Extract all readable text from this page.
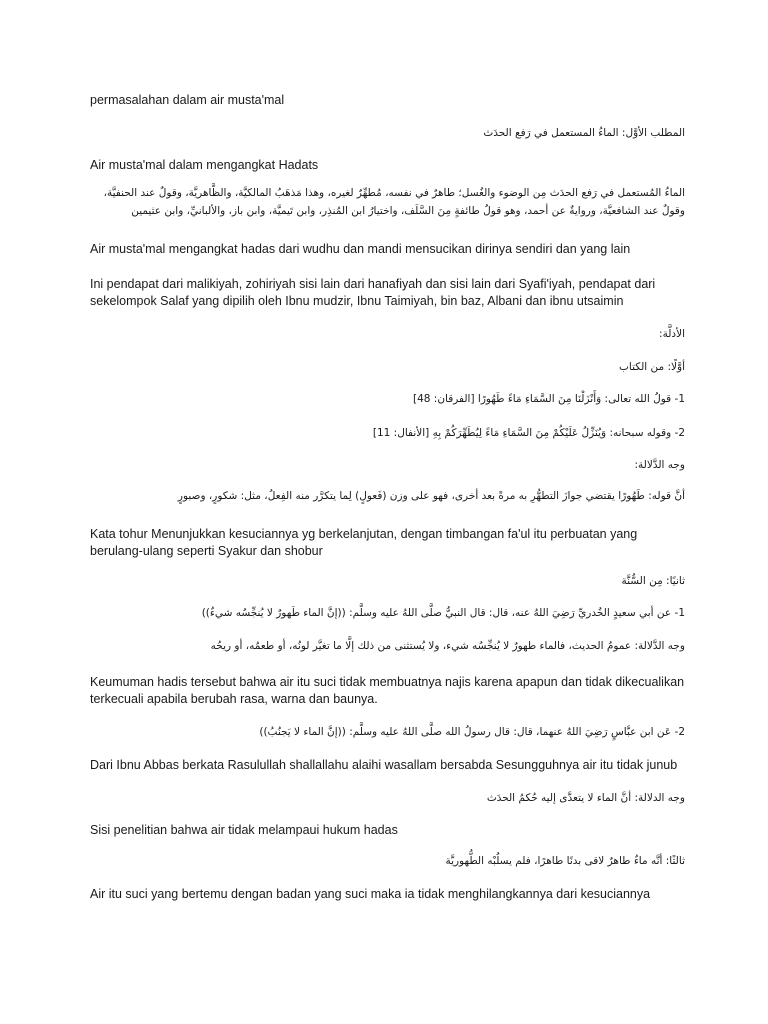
permasalahan dalam air musta'mal

المطلب الأوَّل: الماءُ المستعمل في رَفع الحدَث

Air musta'mal dalam mengangkat Hadats

الماءُ المُستعمل في رَفع الحدَث مِن الوضوء والغُسل؛ طاهرٌ في نفسه، مُطهِّرٌ لغيره، وهذا مَذهَبُ المالكيَّة، والظَّاهريَّة، وقولٌ عند الحنفيَّة، وقولٌ عند الشافعيَّة، وروايةٌ عن أحمد، وهو قولُ طائفةٍ مِنَ السَّلَف، واختيارُ ابن المُنذِر، وابن تَيميَّة، وابن باز، والألبانيِّ، وابن عثيمين

Air musta'mal mengangkat hadas dari wudhu dan mandi mensucikan dirinya sendiri dan yang lain

Ini pendapat dari malikiyah, zohiriyah sisi lain dari hanafiyah dan sisi lain dari Syafi'iyah, pendapat dari sekelompok Salaf yang dipilih oleh Ibnu mudzir, Ibnu Taimiyah, bin baz, Albani dan ibnu utsaimin

الأدلَّة:

أوَّلًا: من الكتاب

1- قولُ الله تعالى: وَأَنْزَلْنَا مِنَ السَّمَاءِ مَاءً طَهُورًا [الفرقان: 48]

2- وقوله سبحانه: وَيُنَزِّلُ عَلَيْكُمْ مِنَ السَّمَاءِ مَاءً لِيُطَهِّرَكُمْ بِهِ [الأنفال: 11]

وجه الدَّلالة:

أنَّ قوله: طَهُورًا يقتضي جوازَ التطهُّرِ به مرةً بعد أخرى، فهو على وزن (فَعولٍ) لِما يتكرَّر منه الفِعلُ، مثل: شكورٍ، وصبورٍ

Kata tohur Menunjukkan kesuciannya yg berkelanjutan, dengan timbangan fa'ul itu perbuatan yang berulang-ulang seperti Syakur dan shobur

ثانيًا: مِن السُّنَّة

1- عن أبي سعيدٍ الخُدريِّ رَضِيَ اللهُ عنه، قال: قال النبيُّ صلَّى اللهُ عليه وسلَّم: ((إنَّ الماء طَهورٌ لا يُنجِّسُه شيءٌ))

وجه الدَّلالة: عمومُ الحديث، فالماء طهورٌ لا يُنجِّسُه شيء، ولا يُستثنى من ذلك إلَّا ما تغيَّر لونُه، أو طعمُه، أو ريحُه

Keumuman hadis tersebut bahwa air itu suci tidak membuatnya najis karena apapun dan tidak dikecualikan terkecuali apabila berubah rasa, warna dan baunya.

2- عَن ابن عبَّاسٍ رَضِيَ اللهُ عنهما، قال: قال رسولُ الله صلَّى اللهُ عليه وسلَّم: ((إنَّ الماء لا يَجنُبُ))

Dari Ibnu Abbas berkata Rasulullah shallallahu alaihi wasallam bersabda Sesungguhnya air itu tidak junub

وجه الدلالة: أنَّ الماء لا يتعدَّى إليه حُكمُ الحدَث

Sisi penelitian bahwa air tidak melampaui hukum hadas

ثالثًا: أنَّه ماءٌ طاهرٌ لاقى بدنًا طاهرًا، فلم يسلُبْه الطُّهوريَّة

Air itu suci yang bertemu dengan badan yang suci maka ia tidak menghilangkannya dari kesuciannya
